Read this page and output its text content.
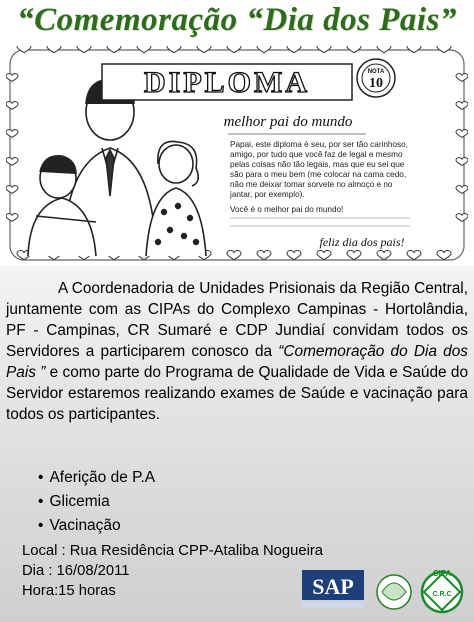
“Comemoração “Dia dos Pais”
DIPLOMA	NOTA
10
melhor pai do mundo
Papai, este diploma é seu, por ser tão carinhoso,
amigo, por tudo que você faz de legal e mesmo
pelas coisas não tão legais, mas que eu sei que
são para o meu bem (me colocar na cama cedo,
não me deixar tomar sorvete no almoço e no
jantar, por exemplo).
Você é o melhor pai do mundo!
feliz dia dos pais!
A Coordenadoria de Unidades Prisionais da Região Central, juntamente com as CIPAs do Complexo Campinas - Hortolândia, PF - Campinas, CR Sumaré e CDP Jundiaí convidam todos os Servidores a participarem conosco da “Comemoração do Dia dos Pais ” e como parte do Programa de Qualidade de Vida e Saúde do Servidor estaremos realizando exames de Saúde e vacinação para todos os participantes.
• Aferição de P.A
• Glicemia
• Vacinação
Local : Rua Residência CPP-Ataliba Nogueira
Dia : 16/08/2011
Hora:15 horas	SAP
CIPA
C.R.C
